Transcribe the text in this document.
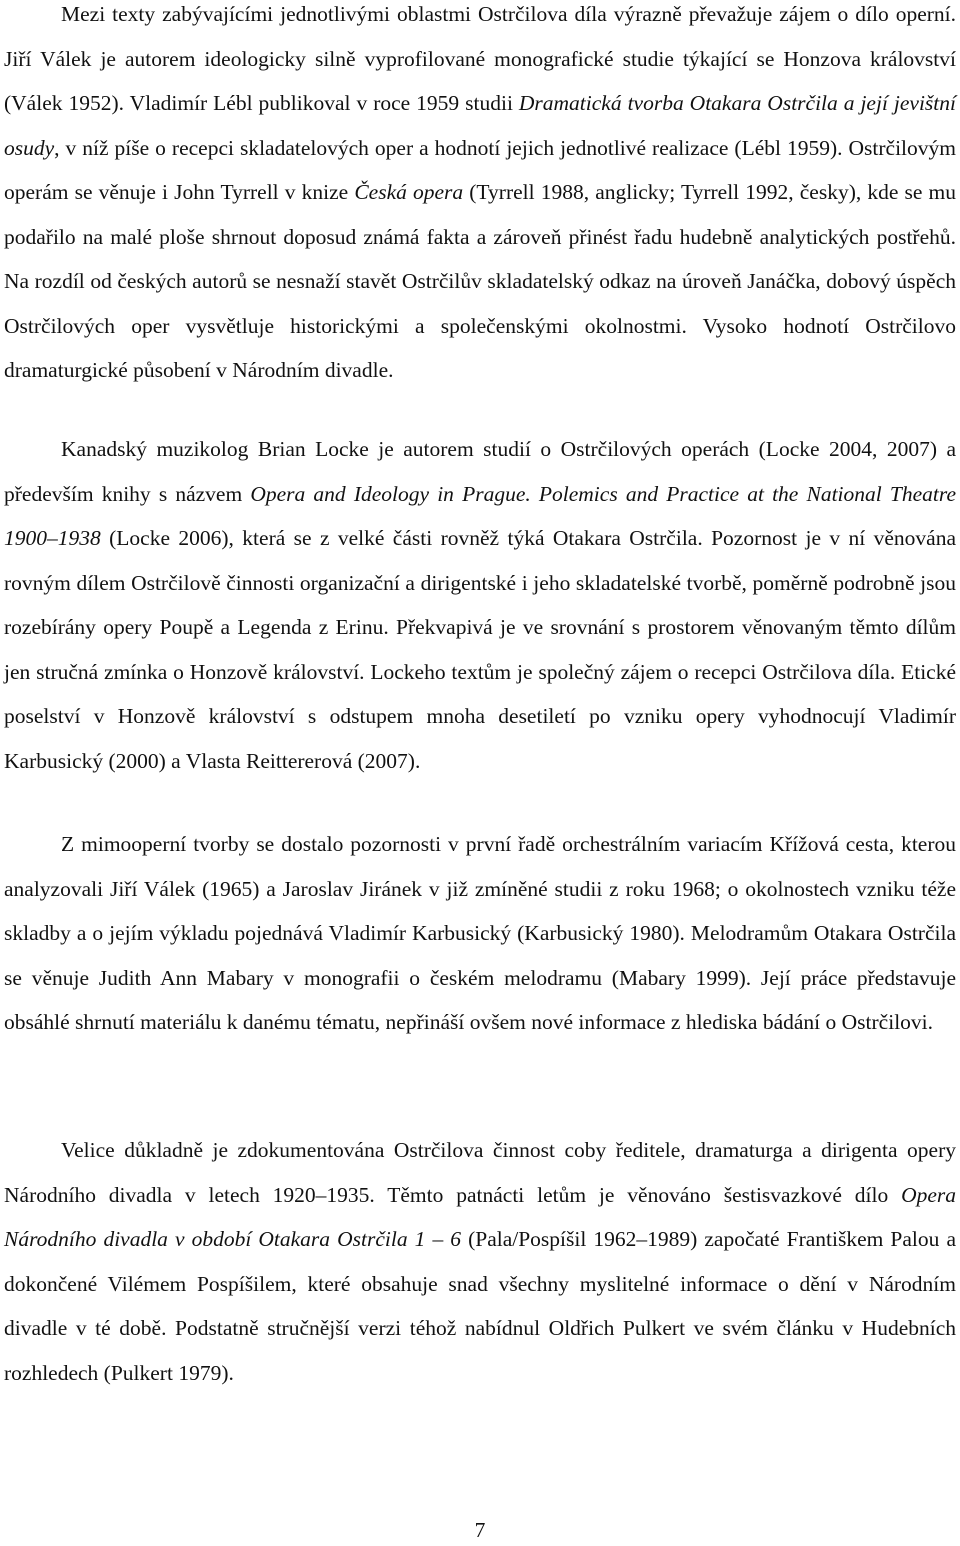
Mezi texty zabývajícími jednotlivými oblastmi Ostrčilova díla výrazně převažuje zájem o dílo operní. Jiří Válek je autorem ideologicky silně vyprofilované monografické studie týkající se Honzova království (Válek 1952). Vladimír Lébl publikoval v roce 1959 studii Dramatická tvorba Otakara Ostrčila a její jevištní osudy, v níž píše o recepci skladatelových oper a hodnotí jejich jednotlivé realizace (Lébl 1959). Ostrčilovým operám se věnuje i John Tyrrell v knize Česká opera (Tyrrell 1988, anglicky; Tyrrell 1992, česky), kde se mu podařilo na malé ploše shrnout doposud známá fakta a zároveň přinést řadu hudebně analytických postřehů. Na rozdíl od českých autorů se nesnaží stavět Ostrčilův skladatelský odkaz na úroveň Janáčka, dobový úspěch Ostrčilových oper vysvětluje historickými a společenskými okolnostmi. Vysoko hodnotí Ostrčilovo dramaturgické působení v Národním divadle.

Kanadský muzikolog Brian Locke je autorem studií o Ostrčilových operách (Locke 2004, 2007) a především knihy s názvem Opera and Ideology in Prague. Polemics and Practice at the National Theatre 1900–1938 (Locke 2006), která se z velké části rovněž týká Otakara Ostrčila. Pozornost je v ní věnována rovným dílem Ostrčilově činnosti organizační a dirigentské i jeho skladatelské tvorbě, poměrně podrobně jsou rozebírány opery Poupě a Legenda z Erinu. Překvapivá je ve srovnání s prostorem věnovaným těmto dílům jen stručná zmínka o Honzově království. Lockeho textům je společný zájem o recepci Ostrčilova díla. Etické poselství v Honzově království s odstupem mnoha desetiletí po vzniku opery vyhodnocují Vladimír Karbusický (2000) a Vlasta Reittererová (2007).

Z mimooperní tvorby se dostalo pozornosti v první řadě orchestrálním variacím Křížová cesta, kterou analyzovali Jiří Válek (1965) a Jaroslav Jiránek v již zmíněné studii z roku 1968; o okolnostech vzniku téže skladby a o jejím výkladu pojednává Vladimír Karbusický (Karbusický 1980). Melodramům Otakara Ostrčila se věnuje Judith Ann Mabary v monografii o českém melodramu (Mabary 1999). Její práce představuje obsáhlé shrnutí materiálu k danému tématu, nepřináší ovšem nové informace z hlediska bádání o Ostrčilovi.

Velice důkladně je zdokumentována Ostrčilova činnost coby ředitele, dramaturga a dirigenta opery Národního divadla v letech 1920–1935. Těmto patnácti letům je věnováno šestisvazkové dílo Opera Národního divadla v období Otakara Ostrčila 1 – 6 (Pala/Pospíšil 1962–1989) započaté Františkem Palou a dokončené Vilémem Pospíšilem, které obsahuje snad všechny myslitelné informace o dění v Národním divadle v té době. Podstatně stručnější verzi téhož nabídnul Oldřich Pulkert ve svém článku v Hudebních rozhledech (Pulkert 1979).

7
